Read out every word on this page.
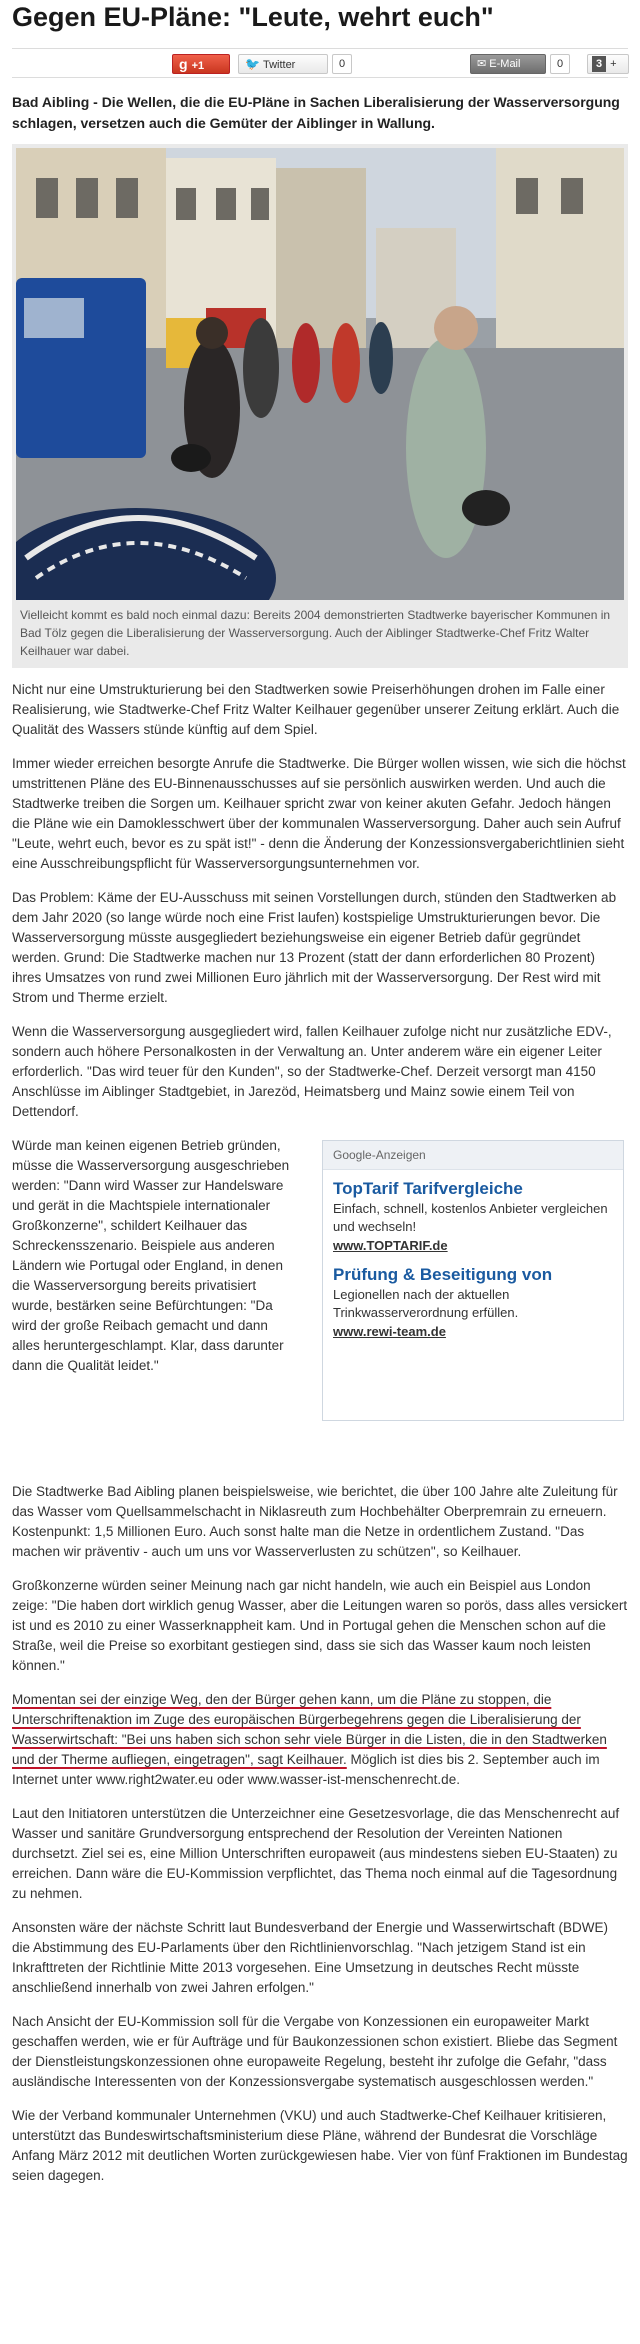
Gegen EU-Pläne: "Leute, wehrt euch"
g +1	🐦 Twitter	0	✉ E-Mail	0	3 +

Bad Aibling - Die Wellen, die die EU-Pläne in Sachen Liberalisierung der Wasserversorgung schlagen, versetzen auch die Gemüter der Aiblinger in Wallung.

Vielleicht kommt es bald noch einmal dazu: Bereits 2004 demonstrierten Stadtwerke bayerischer Kommunen in Bad Tölz gegen die Liberalisierung der Wasserversorgung. Auch der Aiblinger Stadtwerke-Chef Fritz Walter Keilhauer war dabei.

Nicht nur eine Umstrukturierung bei den Stadtwerken sowie Preiserhöhungen drohen im Falle einer Realisierung, wie Stadtwerke-Chef Fritz Walter Keilhauer gegenüber unserer Zeitung erklärt. Auch die Qualität des Wassers stünde künftig auf dem Spiel.

Immer wieder erreichen besorgte Anrufe die Stadtwerke. Die Bürger wollen wissen, wie sich die höchst umstrittenen Pläne des EU-Binnenausschusses auf sie persönlich auswirken werden. Und auch die Stadtwerke treiben die Sorgen um. Keilhauer spricht zwar von keiner akuten Gefahr. Jedoch hängen die Pläne wie ein Damoklesschwert über der kommunalen Wasserversorgung. Daher auch sein Aufruf "Leute, wehrt euch, bevor es zu spät ist!" - denn die Änderung der Konzessionsvergaberichtlinien sieht eine Ausschreibungspflicht für Wasserversorgungsunternehmen vor.

Das Problem: Käme der EU-Ausschuss mit seinen Vorstellungen durch, stünden den Stadtwerken ab dem Jahr 2020 (so lange würde noch eine Frist laufen) kostspielige Umstrukturierungen bevor. Die Wasserversorgung müsste ausgegliedert beziehungsweise ein eigener Betrieb dafür gegründet werden. Grund: Die Stadtwerke machen nur 13 Prozent (statt der dann erforderlichen 80 Prozent) ihres Umsatzes von rund zwei Millionen Euro jährlich mit der Wasserversorgung. Der Rest wird mit Strom und Therme erzielt.

Wenn die Wasserversorgung ausgegliedert wird, fallen Keilhauer zufolge nicht nur zusätzliche EDV-, sondern auch höhere Personalkosten in der Verwaltung an. Unter anderem wäre ein eigener Leiter erforderlich. "Das wird teuer für den Kunden", so der Stadtwerke-Chef. Derzeit versorgt man 4150 Anschlüsse im Aiblinger Stadtgebiet, in Jarezöd, Heimatsberg und Mainz sowie einem Teil von Dettendorf.

Würde man keinen eigenen Betrieb gründen, müsse die Wasserversorgung ausgeschrieben werden: "Dann wird Wasser zur Handelsware und gerät in die Machtspiele internationaler Großkonzerne", schildert Keilhauer das Schreckensszenario. Beispiele aus anderen Ländern wie Portugal oder England, in denen die Wasserversorgung bereits privatisiert wurde, bestärken seine Befürchtungen: "Da wird der große Reibach gemacht und dann alles heruntergeschlampt. Klar, dass darunter dann die Qualität leidet."

Google-Anzeigen
TopTarif Tarifvergleiche
Einfach, schnell, kostenlos Anbieter vergleichen und wechseln!
www.TOPTARIF.de
Prüfung & Beseitigung von
Legionellen nach der aktuellen Trinkwasserverordnung erfüllen.
www.rewi-team.de

Die Stadtwerke Bad Aibling planen beispielsweise, wie berichtet, die über 100 Jahre alte Zuleitung für das Wasser vom Quellsammelschacht in Niklasreuth zum Hochbehälter Oberpremrain zu erneuern. Kostenpunkt: 1,5 Millionen Euro. Auch sonst halte man die Netze in ordentlichem Zustand. "Das machen wir präventiv - auch um uns vor Wasserverlusten zu schützen", so Keilhauer.

Großkonzerne würden seiner Meinung nach gar nicht handeln, wie auch ein Beispiel aus London zeige: "Die haben dort wirklich genug Wasser, aber die Leitungen waren so porös, dass alles versickert ist und es 2010 zu einer Wasserknappheit kam. Und in Portugal gehen die Menschen schon auf die Straße, weil die Preise so exorbitant gestiegen sind, dass sie sich das Wasser kaum noch leisten können."

Momentan sei der einzige Weg, den der Bürger gehen kann, um die Pläne zu stoppen, die Unterschriftenaktion im Zuge des europäischen Bürgerbegehrens gegen die Liberalisierung der Wasserwirtschaft: "Bei uns haben sich schon sehr viele Bürger in die Listen, die in den Stadtwerken und der Therme aufliegen, eingetragen", sagt Keilhauer. Möglich ist dies bis 2. September auch im Internet unter www.right2water.eu oder www.wasser-ist-menschenrecht.de.

Laut den Initiatoren unterstützen die Unterzeichner eine Gesetzesvorlage, die das Menschenrecht auf Wasser und sanitäre Grundversorgung entsprechend der Resolution der Vereinten Nationen durchsetzt. Ziel sei es, eine Million Unterschriften europaweit (aus mindestens sieben EU-Staaten) zu erreichen. Dann wäre die EU-Kommission verpflichtet, das Thema noch einmal auf die Tagesordnung zu nehmen.

Ansonsten wäre der nächste Schritt laut Bundesverband der Energie und Wasserwirtschaft (BDWE) die Abstimmung des EU-Parlaments über den Richtlinienvorschlag. "Nach jetzigem Stand ist ein Inkrafttreten der Richtlinie Mitte 2013 vorgesehen. Eine Umsetzung in deutsches Recht müsste anschließend innerhalb von zwei Jahren erfolgen."

Nach Ansicht der EU-Kommission soll für die Vergabe von Konzessionen ein europaweiter Markt geschaffen werden, wie er für Aufträge und für Baukonzessionen schon existiert. Bliebe das Segment der Dienstleistungskonzessionen ohne europaweite Regelung, besteht ihr zufolge die Gefahr, "dass ausländische Interessenten von der Konzessionsvergabe systematisch ausgeschlossen werden."

Wie der Verband kommunaler Unternehmen (VKU) und auch Stadtwerke-Chef Keilhauer kritisieren, unterstützt das Bundeswirtschaftsministerium diese Pläne, während der Bundesrat die Vorschläge Anfang März 2012 mit deutlichen Worten zurückgewiesen habe. Vier von fünf Fraktionen im Bundestag seien dagegen.
